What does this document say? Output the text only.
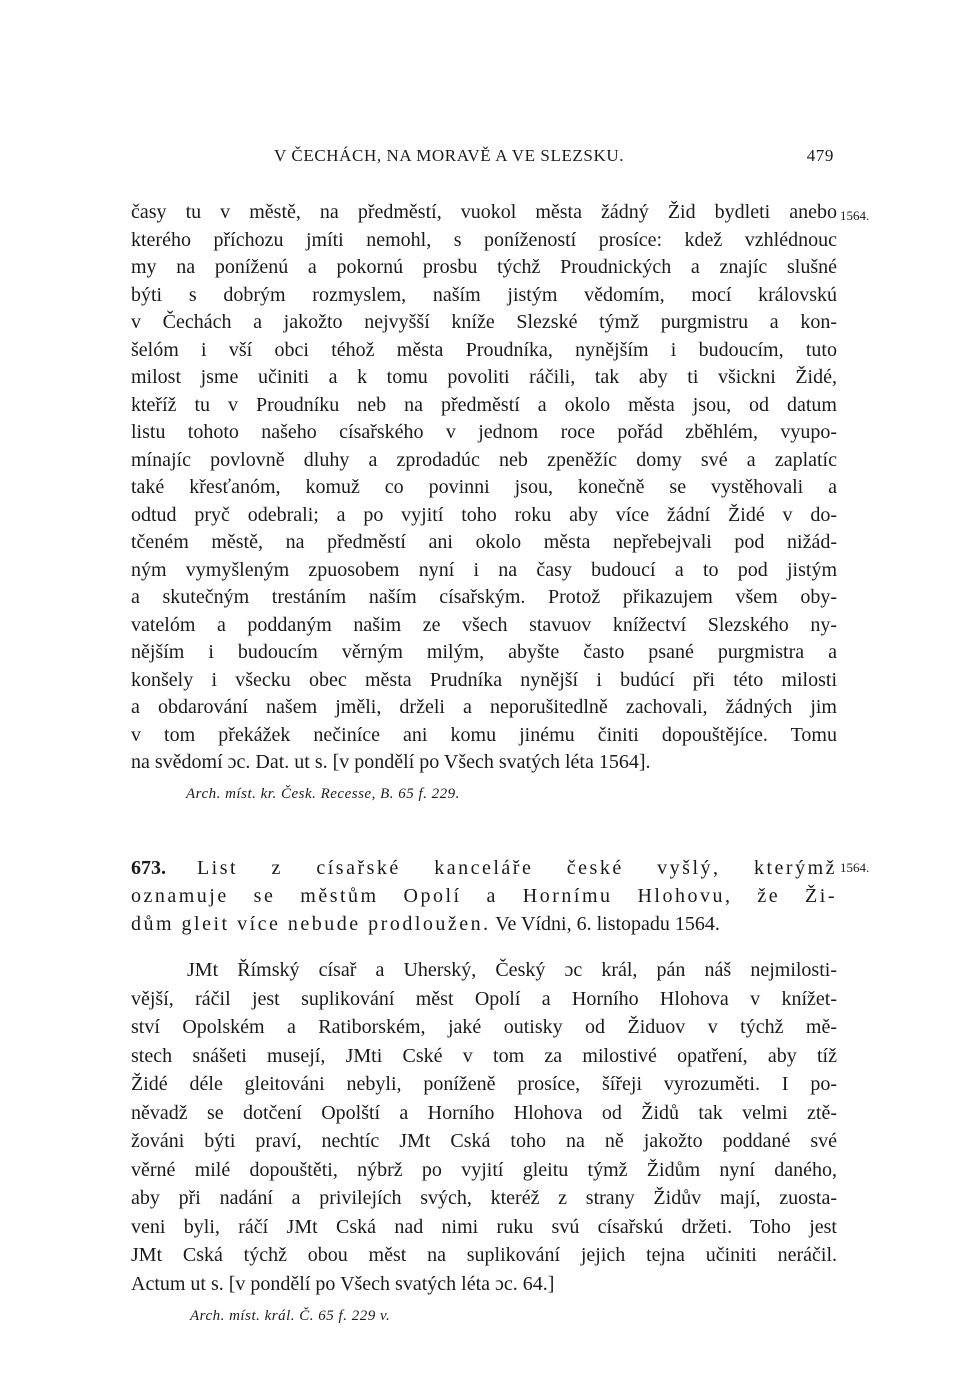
V ČECHÁCH, NA MORAVĚ A VE SLEZSKU.	479
1564.
časy tu v městě, na předměstí, vuokol města žádný Žid bydleti anebo
kterého příchozu jmíti nemohl, s ponížeností prosíce: kdež vzhlédnouc
my na poníženú a pokornú prosbu týchž Proudnických a znajíc slušné
býti s dobrým rozmyslem, naším jistým vědomím, mocí královskú
v Čechách a jakožto nejvyšší kníže Slezské týmž purgmistru a kon-
šelóm i vší obci téhož města Proudníka, nynějším i budoucím, tuto
milost jsme učiniti a k tomu povoliti ráčili, tak aby ti všickni Židé,
kteříž tu v Proudníku neb na předměstí a okolo města jsou, od datum
listu tohoto našeho císařského v jednom roce pořád zběhlém, vyupo-
mínajíc povlovně dluhy a zprodadúc neb zpeněžíc domy své a zaplatíc
také křesťanóm, komuž co povinni jsou, konečně se vystěhovali a
odtud pryč odebrali; a po vyjití toho roku aby více žádní Židé v do-
tčeném městě, na předměstí ani okolo města nepřebejvali pod nižád-
ným vymyšleným zpuosobem nyní i na časy budoucí a to pod jistým
a skutečným trestáním naším císařským. Protož přikazujem všem oby-
vatelóm a poddaným našim ze všech stavuov knížectví Slezského ny-
nějším i budoucím věrným milým, abyšte často psané purgmistra a
konšely i všecku obec města Prudníka nynější i budúcí při této milosti
a obdarování našem jměli, drželi a neporušitedlně zachovali, žádných jim
v tom překážek nečiníce ani komu jinému činiti dopouštějíce. Tomu
na svědomí ɔc. Dat. ut s. [v pondělí po Všech svatých léta 1564].
Arch. míst. kr. Česk. Recesse, B. 65 f. 229.
1564.
673. List z císařské kanceláře české vyšlý, kterýmž
oznamuje se městům Opolí a Hornímu Hlohovu, že Ži-
dům gleit více nebude prodloužen. Ve Vídni, 6. listopadu 1564.
JMt Římský císař a Uherský, Český ɔc král, pán náš nejmilosti-
vější, ráčil jest suplikování měst Opolí a Horního Hlohova v knížet-
ství Opolském a Ratiborském, jaké outisky od Židuov v týchž mě-
stech snášeti musejí, JMti Cské v tom za milostivé opatření, aby tíž
Židé déle gleitováni nebyli, poníženě prosíce, šířeji vyrozuměti. I po-
něvadž se dotčení Opolští a Horního Hlohova od Židů tak velmi ztě-
žováni býti praví, nechtíc JMt Cská toho na ně jakožto poddané své
věrné milé dopouštěti, nýbrž po vyjití gleitu týmž Židům nyní daného,
aby při nadání a privilejích svých, kteréž z strany Židův mají, zuosta-
veni byli, ráčí JMt Cská nad nimi ruku svú císařskú držeti. Toho jest
JMt Cská týchž obou měst na suplikování jejich tejna učiniti neráčil.
Actum ut s. [v pondělí po Všech svatých léta ɔc. 64.]
Arch. míst. král. Č. 65 f. 229 v.
